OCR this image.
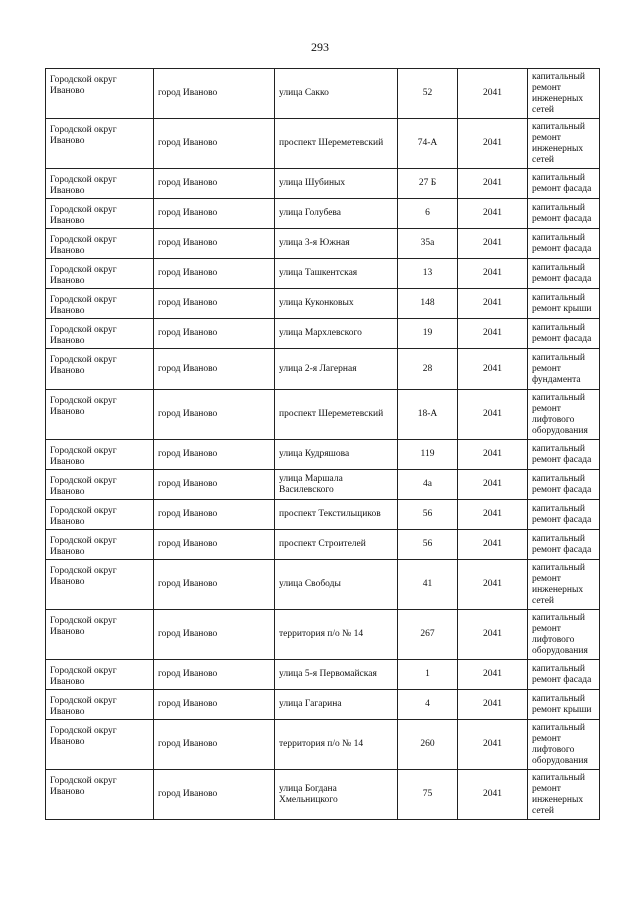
293
Городской округ Иваново	город Иваново	улица Сакко	52	2041	капитальный ремонт инженерных сетей
Городской округ Иваново	город Иваново	проспект Шереметевский	74-А	2041	капитальный ремонт инженерных сетей
Городской округ Иваново	город Иваново	улица Шубиных	27 Б	2041	капитальный ремонт фасада
Городской округ Иваново	город Иваново	улица Голубева	6	2041	капитальный ремонт фасада
Городской округ Иваново	город Иваново	улица 3-я Южная	35а	2041	капитальный ремонт фасада
Городской округ Иваново	город Иваново	улица Ташкентская	13	2041	капитальный ремонт фасада
Городской округ Иваново	город Иваново	улица Куконковых	148	2041	капитальный ремонт крыши
Городской округ Иваново	город Иваново	улица Мархлевского	19	2041	капитальный ремонт фасада
Городской округ Иваново	город Иваново	улица 2-я Лагерная	28	2041	капитальный ремонт фундамента
Городской округ Иваново	город Иваново	проспект Шереметевский	18-А	2041	капитальный ремонт лифтового оборудования
Городской округ Иваново	город Иваново	улица Кудряшова	119	2041	капитальный ремонт фасада
Городской округ Иваново	город Иваново	улица Маршала Василевского	4а	2041	капитальный ремонт фасада
Городской округ Иваново	город Иваново	проспект Текстильщиков	56	2041	капитальный ремонт фасада
Городской округ Иваново	город Иваново	проспект Строителей	56	2041	капитальный ремонт фасада
Городской округ Иваново	город Иваново	улица Свободы	41	2041	капитальный ремонт инженерных сетей
Городской округ Иваново	город Иваново	территория п/о № 14	267	2041	капитальный ремонт лифтового оборудования
Городской округ Иваново	город Иваново	улица 5-я Первомайская	1	2041	капитальный ремонт фасада
Городской округ Иваново	город Иваново	улица Гагарина	4	2041	капитальный ремонт крыши
Городской округ Иваново	город Иваново	территория п/о № 14	260	2041	капитальный ремонт лифтового оборудования
Городской округ Иваново	город Иваново	улица Богдана Хмельницкого	75	2041	капитальный ремонт инженерных сетей
